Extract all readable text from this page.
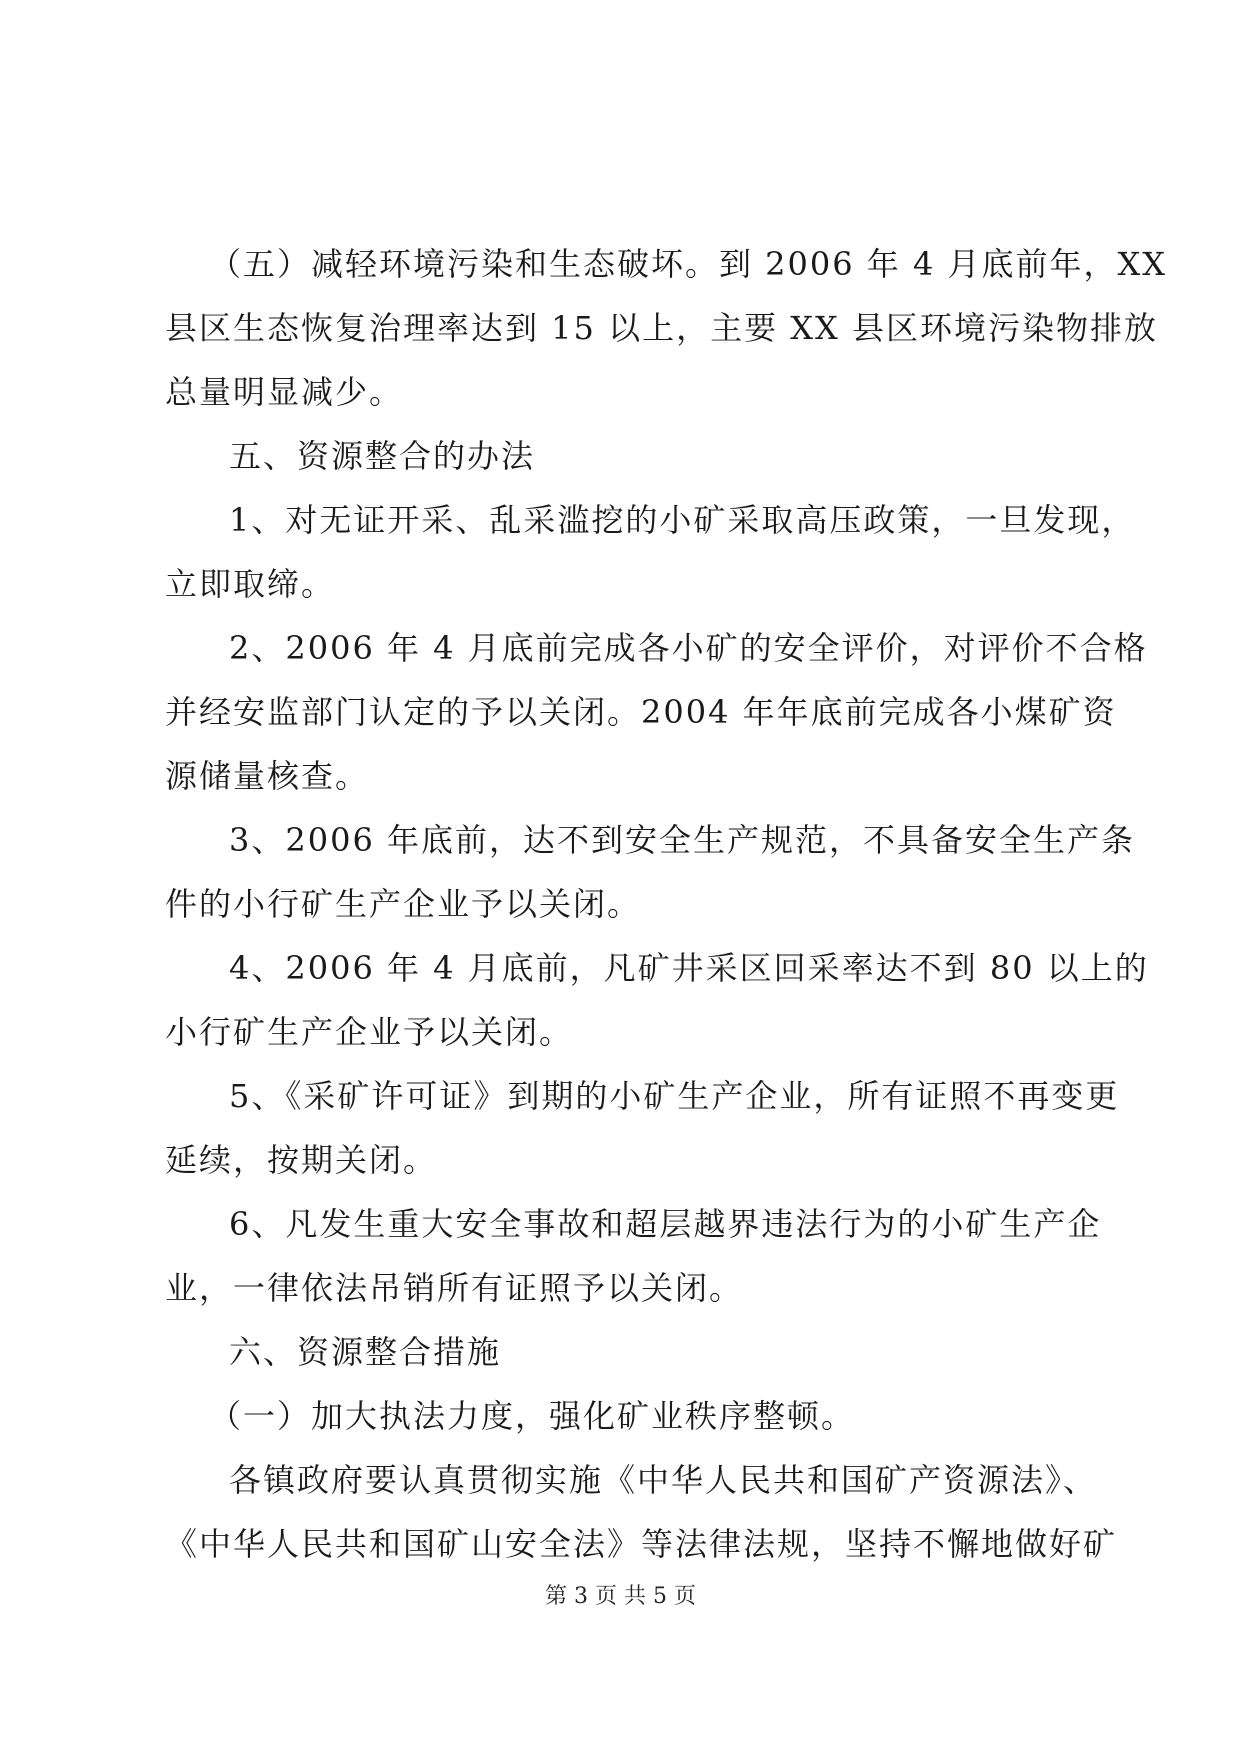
（五）减轻环境污染和生态破坏。到 2006 年 4 月底前年，XX

县区生态恢复治理率达到 15 以上，主要 XX 县区环境污染物排放

总量明显减少。

五、资源整合的办法

1、对无证开采、乱采滥挖的小矿采取高压政策，一旦发现，

立即取缔。

2、2006 年 4 月底前完成各小矿的安全评价，对评价不合格

并经安监部门认定的予以关闭。2004 年年底前完成各小煤矿资

源储量核查。

3、2006 年底前，达不到安全生产规范，不具备安全生产条

件的小行矿生产企业予以关闭。

4、2006 年 4 月底前，凡矿井采区回采率达不到 80 以上的

小行矿生产企业予以关闭。

5、《采矿许可证》到期的小矿生产企业，所有证照不再变更

延续，按期关闭。

6、凡发生重大安全事故和超层越界违法行为的小矿生产企

业，一律依法吊销所有证照予以关闭。

六、资源整合措施

（一）加大执法力度，强化矿业秩序整顿。

各镇政府要认真贯彻实施《中华人民共和国矿产资源法》、

《中华人民共和国矿山安全法》等法律法规，坚持不懈地做好矿

第 3 页 共 5 页
